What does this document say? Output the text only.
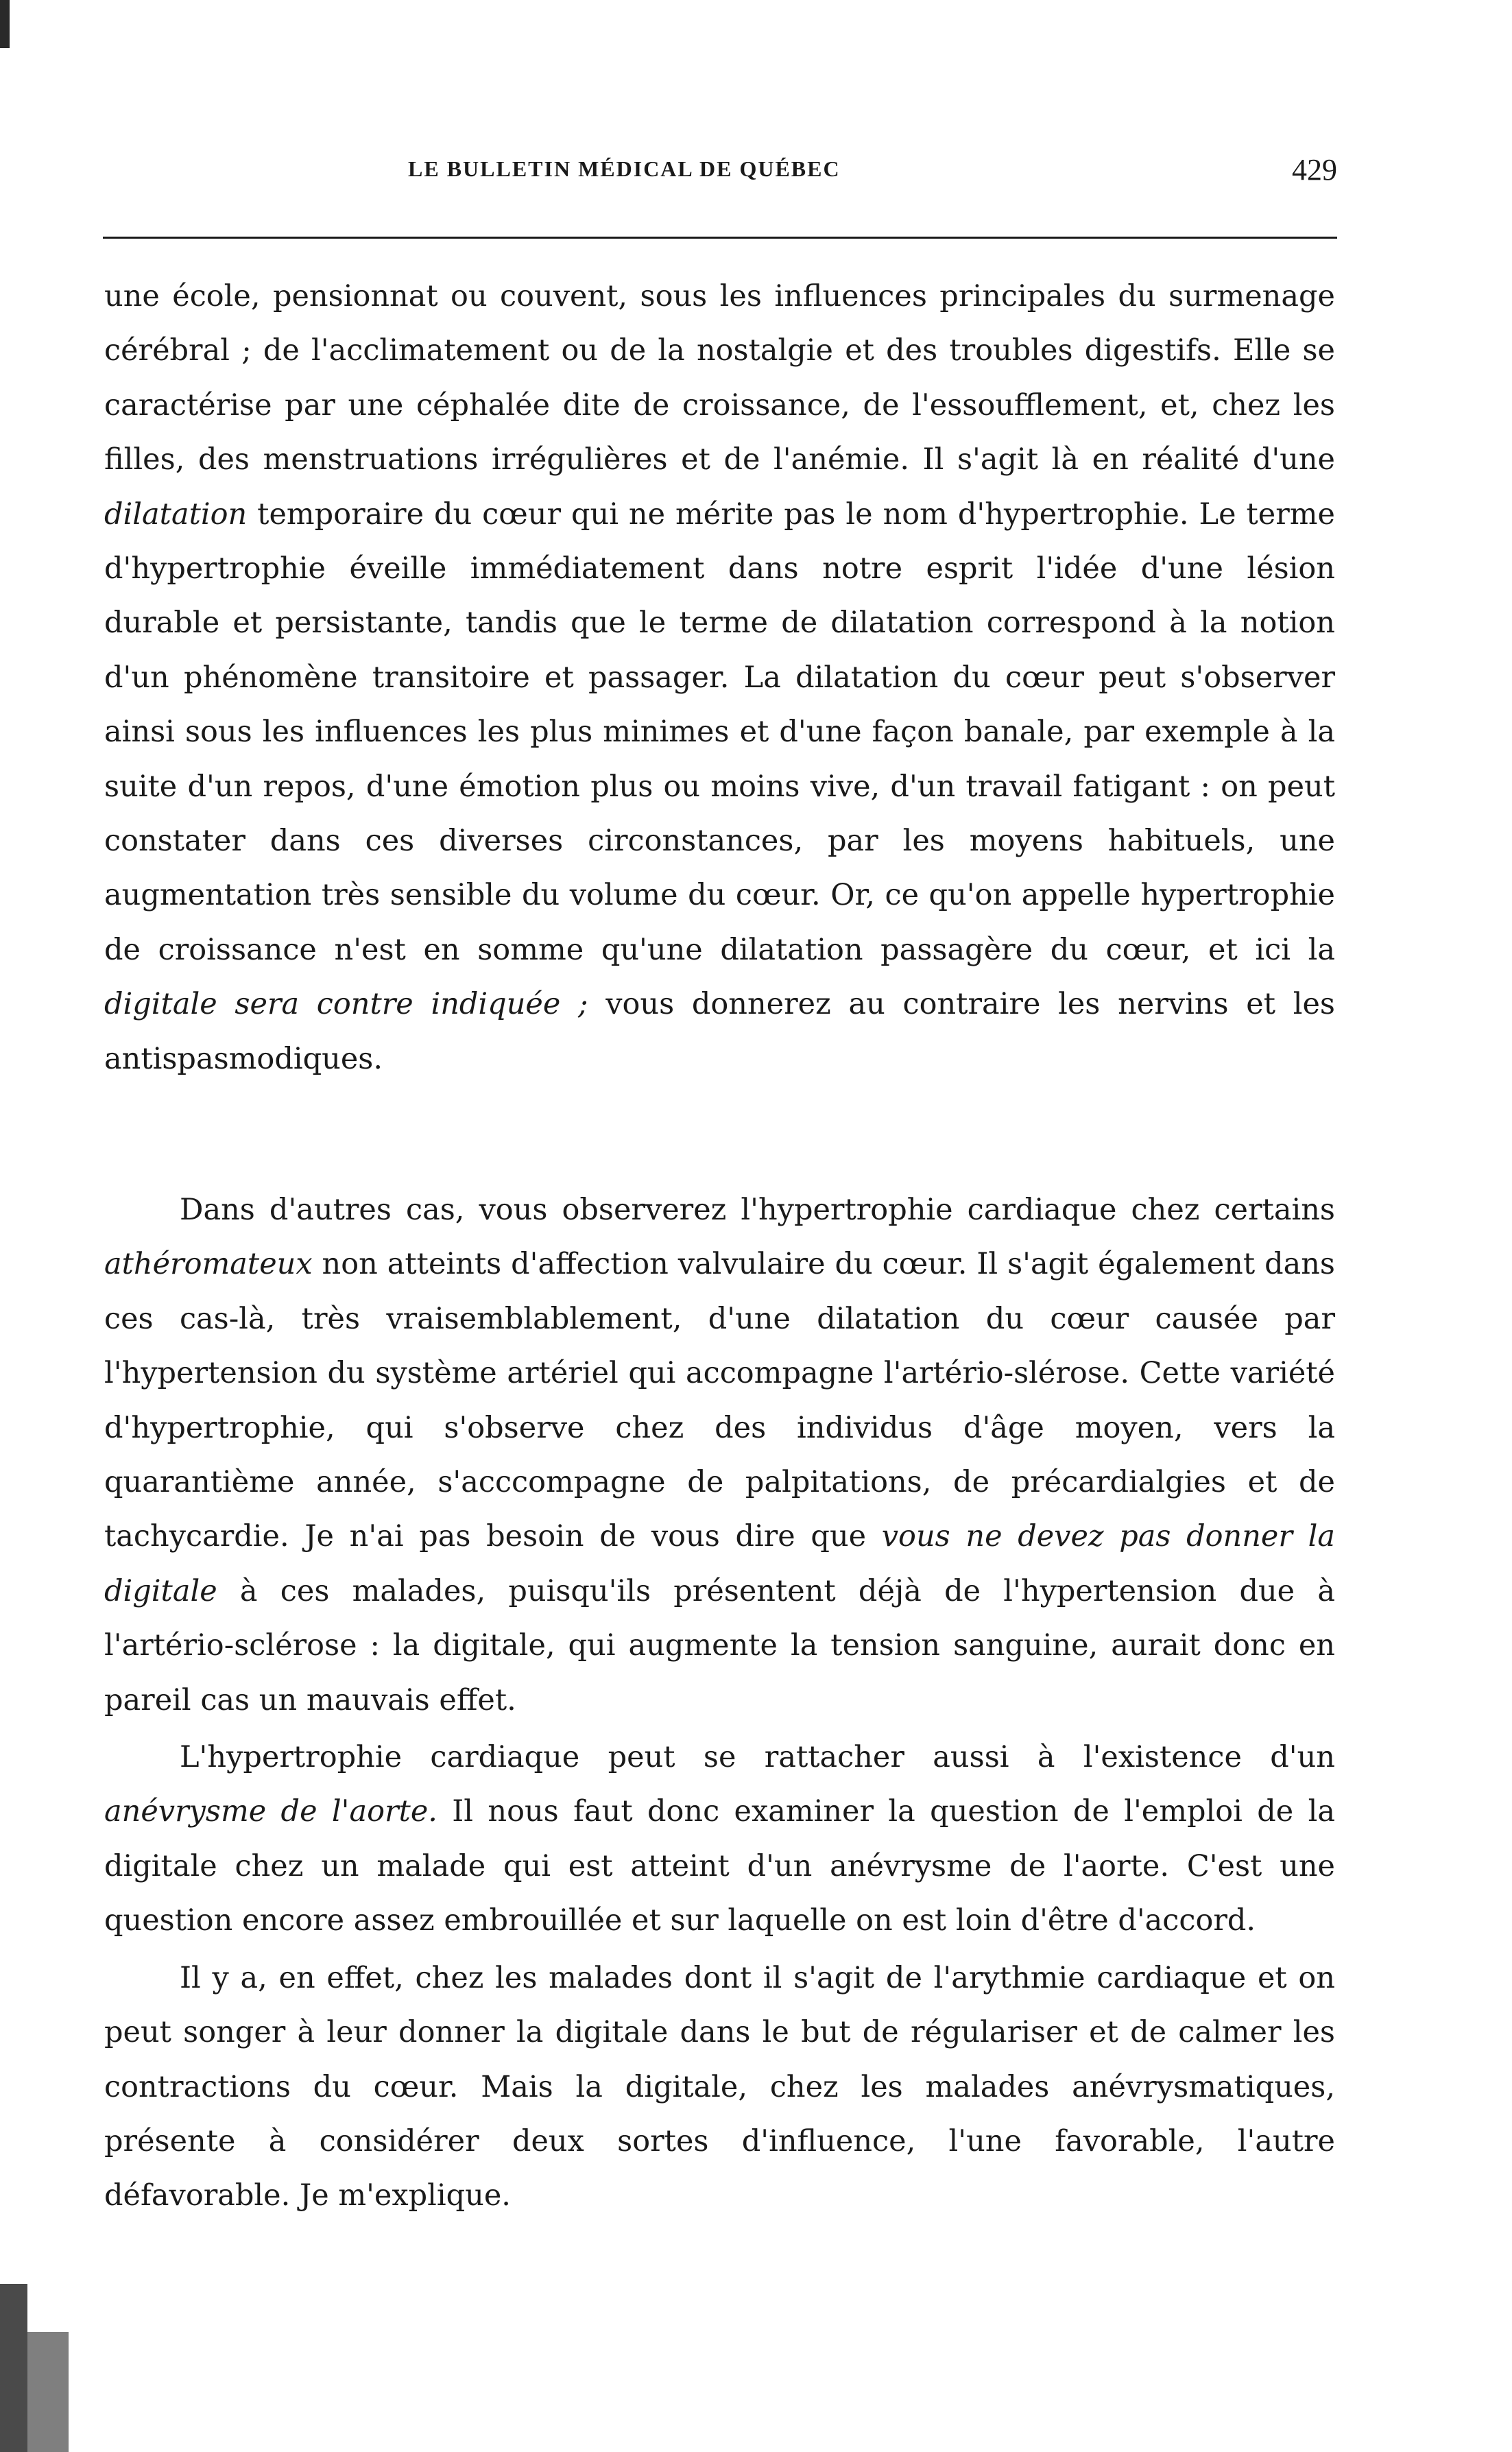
LE BULLETIN MÉDICAL DE QUÉBEC	429

une école, pensionnat ou couvent, sous les influences principales du surmenage cérébral ; de l'acclimatement ou de la nostalgie et des troubles digestifs. Elle se caractérise par une céphalée dite de croissance, de l'essoufflement, et, chez les filles, des menstruations irrégulières et de l'anémie. Il s'agit là en réalité d'une dilatation temporaire du cœur qui ne mérite pas le nom d'hypertrophie. Le terme d'hypertrophie éveille immédiatement dans notre esprit l'idée d'une lésion durable et persistante, tandis que le terme de dilatation correspond à la notion d'un phénomène transitoire et passager. La dilatation du cœur peut s'observer ainsi sous les influences les plus minimes et d'une façon banale, par exemple à la suite d'un repos, d'une émotion plus ou moins vive, d'un travail fatigant : on peut constater dans ces diverses circonstances, par les moyens habituels, une augmentation très sensible du volume du cœur. Or, ce qu'on appelle hypertrophie de croissance n'est en somme qu'une dilatation passagère du cœur, et ici la digitale sera contre indiquée ; vous donnerez au contraire les nervins et les antispasmodiques.

Dans d'autres cas, vous observerez l'hypertrophie cardiaque chez certains athéromateux non atteints d'affection valvulaire du cœur. Il s'agit également dans ces cas-là, très vraisemblablement, d'une dilatation du cœur causée par l'hypertension du système artériel qui accompagne l'artério-slérose. Cette variété d'hypertrophie, qui s'observe chez des individus d'âge moyen, vers la quarantième année, s'acccompagne de palpitations, de précardialgies et de tachycardie. Je n'ai pas besoin de vous dire que vous ne devez pas donner la digitale à ces malades, puisqu'ils présentent déjà de l'hypertension due à l'artério-sclérose : la digitale, qui augmente la tension sanguine, aurait donc en pareil cas un mauvais effet.

L'hypertrophie cardiaque peut se rattacher aussi à l'existence d'un anévrysme de l'aorte. Il nous faut donc examiner la question de l'emploi de la digitale chez un malade qui est atteint d'un anévrysme de l'aorte. C'est une question encore assez embrouillée et sur laquelle on est loin d'être d'accord.

Il y a, en effet, chez les malades dont il s'agit de l'arythmie cardiaque et on peut songer à leur donner la digitale dans le but de régulariser et de calmer les contractions du cœur. Mais la digitale, chez les malades anévrysmatiques, présente à considérer deux sortes d'influence, l'une favorable, l'autre défavorable. Je m'explique.
